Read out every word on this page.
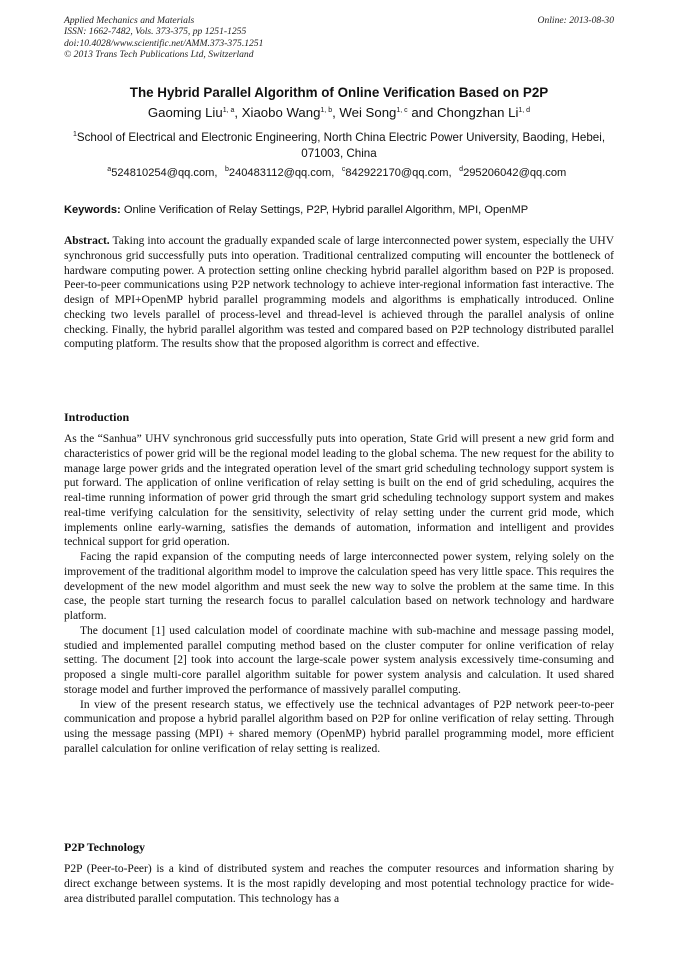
Applied Mechanics and Materials
ISSN: 1662-7482, Vols. 373-375, pp 1251-1255
doi:10.4028/www.scientific.net/AMM.373-375.1251
© 2013 Trans Tech Publications Ltd, Switzerland
Online: 2013-08-30
The Hybrid Parallel Algorithm of Online Verification Based on P2P
Gaoming Liu$^{1, a}$, Xiaobo Wang$^{1, b}$, Wei Song$^{1, c}$ and Chongzhan Li$^{1, d}$
$^1$School of Electrical and Electronic Engineering, North China Electric Power University, Baoding, Hebei, 071003, China
$^a$524810254@qq.com, $^b$240483112@qq.com, $^c$842922170@qq.com, $^d$295206042@qq.com
Keywords: Online Verification of Relay Settings, P2P, Hybrid parallel Algorithm, MPI, OpenMP

Abstract. Taking into account the gradually expanded scale of large interconnected power system, especially the UHV synchronous grid successfully puts into operation. Traditional centralized computing will encounter the bottleneck of hardware computing power. A protection setting online checking hybrid parallel algorithm based on P2P is proposed. Peer-to-peer communications using P2P network technology to achieve inter-regional information fast interactive. The design of MPI+OpenMP hybrid parallel programming models and algorithms is emphatically introduced. Online checking two levels parallel of process-level and thread-level is achieved through the parallel analysis of online checking. Finally, the hybrid parallel algorithm was tested and compared based on P2P technology distributed parallel computing platform. The results show that the proposed algorithm is correct and effective.

Introduction

As the “Sanhua” UHV synchronous grid successfully puts into operation, State Grid will present a new grid form and characteristics of power grid will be the regional model leading to the global schema. The new request for the ability to manage large power grids and the integrated operation level of the smart grid scheduling technology support system is put forward. The application of online verification of relay setting is built on the end of grid scheduling, acquires the real-time running information of power grid through the smart grid scheduling technology support system and makes real-time verifying calculation for the sensitivity, selectivity of relay setting under the current grid mode, which implements online early-warning, satisfies the demands of automation, information and intelligent and provides technical support for grid operation.

Facing the rapid expansion of the computing needs of large interconnected power system, relying solely on the improvement of the traditional algorithm model to improve the calculation speed has very little space. This requires the development of the new model algorithm and must seek the new way to solve the problem at the same time. In this case, the people start turning the research focus to parallel calculation based on network technology and hardware platform.

The document [1] used calculation model of coordinate machine with sub-machine and message passing model, studied and implemented parallel computing method based on the cluster computer for online verification of relay setting. The document [2] took into account the large-scale power system analysis excessively time-consuming and proposed a single multi-core parallel algorithm suitable for power system analysis and calculation. It used shared storage model and further improved the performance of massively parallel computing.

In view of the present research status, we effectively use the technical advantages of P2P network peer-to-peer communication and propose a hybrid parallel algorithm based on P2P for online verification of relay setting. Through using the message passing (MPI) + shared memory (OpenMP) hybrid parallel programming model, more efficient parallel calculation for online verification of relay setting is realized.

P2P Technology

P2P (Peer-to-Peer) is a kind of distributed system and reaches the computer resources and information sharing by direct exchange between systems. It is the most rapidly developing and most potential technology practice for wide-area distributed parallel computation. This technology has a
